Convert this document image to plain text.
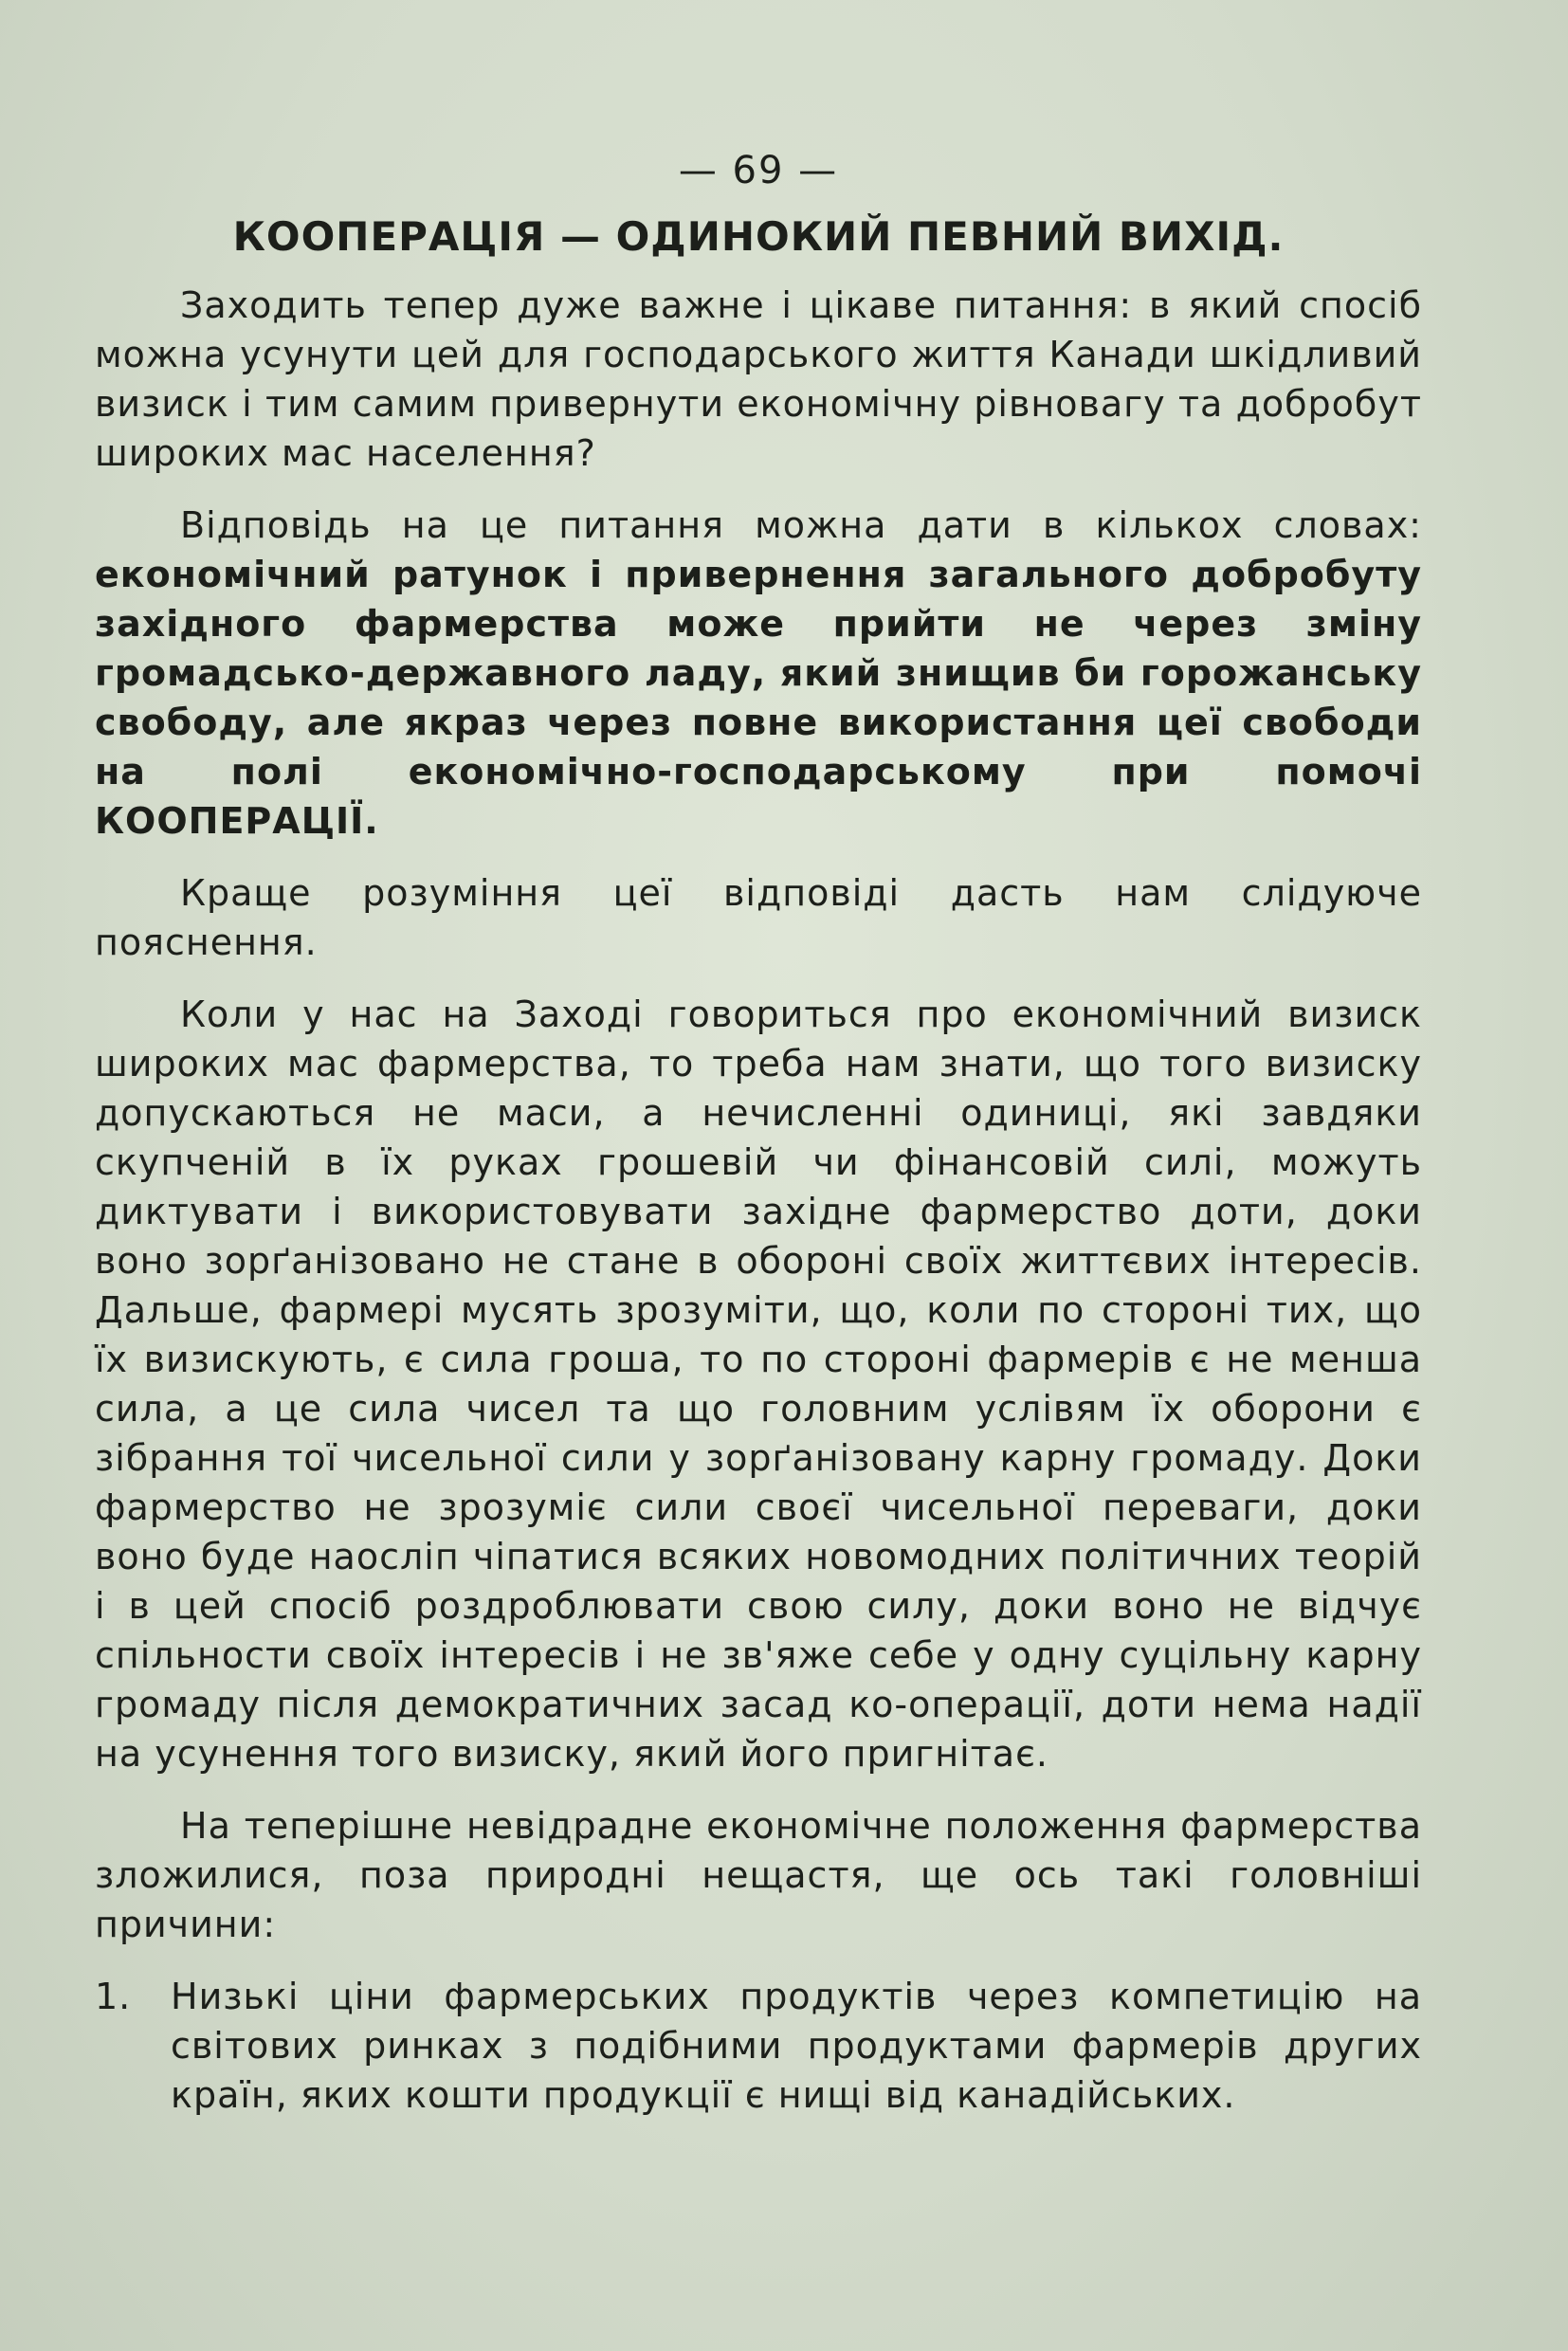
— 69 —
КООПЕРАЦІЯ — ОДИНОКИЙ ПЕВНИЙ ВИХІД.

Заходить тепер дуже важне і цікаве питання: в який спосіб можна усунути цей для господарського життя Канади шкідливий визиск і тим самим привернути економічну рівновагу та добробут широких мас населення?

Відповідь на це питання можна дати в кількох словах: економічний ратунок і привернення загального добробуту західного фармерства може прийти не через зміну громадсько-державного ладу, який знищив би горожанську свободу, але якраз через повне використання цеї свободи на полі економічно-господарському при помочі КООПЕРАЦІЇ.

Краще розуміння цеї відповіді дасть нам слідуюче пояснення.

Коли у нас на Заході говориться про економічний визиск широких мас фармерства, то треба нам знати, що того визиску допускаються не маси, а нечисленні одиниці, які завдяки скупченій в їх руках грошевій чи фінансовій силі, можуть диктувати і використовувати західне фармерство доти, доки воно зорґанізовано не стане в обороні своїх життєвих інтересів. Дальше, фармері мусять зрозуміти, що, коли по стороні тих, що їх визискують, є сила гроша, то по стороні фармерів є не менша сила, а це сила чисел та що головним услівям їх оборони є зібрання тої чисельної сили у зорґанізовану карну громаду. Доки фармерство не зрозуміє сили своєї чисельної переваги, доки воно буде наосліп чіпатися всяких новомодних політичних теорій і в цей спосіб роздроблювати свою силу, доки воно не відчує спільности своїх інтересів і не зв'яже себе у одну суцільну карну громаду після демократичних засад ко-операції, доти нема надії на усунення того визиску, який його пригнітає.

На теперішне невідрадне економічне положення фармерства зложилися, поза природні нещастя, ще ось такі головніші причини:

1.	Низькі ціни фармерських продуктів через компетицію на світових ринках з подібними продуктами фармерів других країн, яких кошти продукції є нищі від канадійських.
